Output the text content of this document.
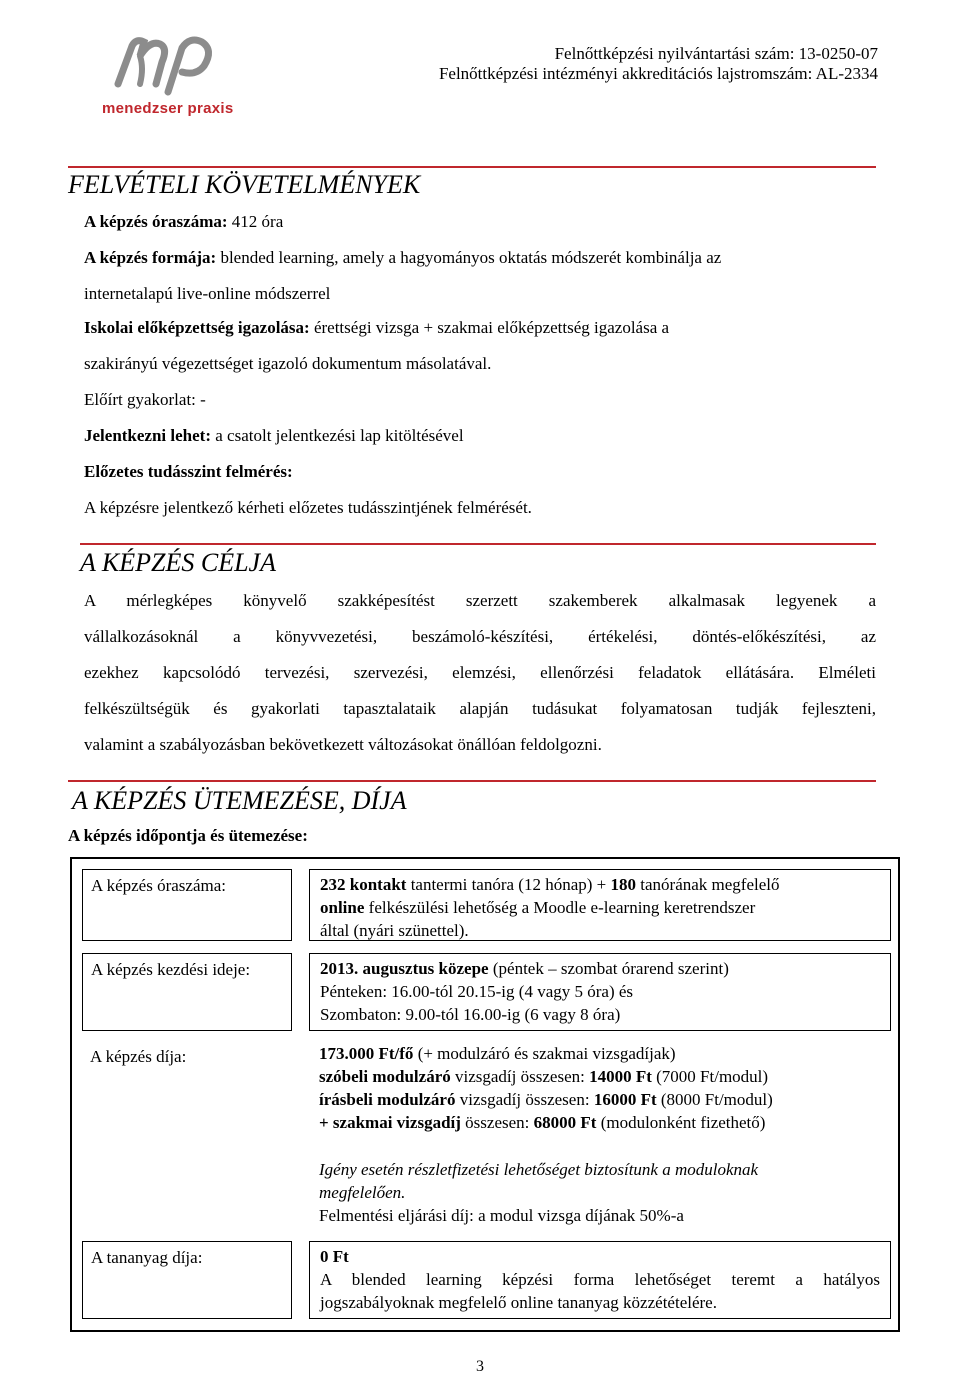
menedzser praxis
Felnőttképzési nyilvántartási szám: 13-0250-07
Felnőttképzési intézményi akkreditációs lajstromszám: AL-2334
FELVÉTELI KÖVETELMÉNYEK
A képzés óraszáma: 412 óra
A képzés formája: blended learning, amely a hagyományos oktatás módszerét kombinálja az
internetalapú live-online módszerrel
Iskolai előképzettség igazolása: érettségi vizsga + szakmai előképzettség igazolása a
szakirányú végezettséget igazoló dokumentum másolatával.
Előírt gyakorlat: -
Jelentkezni lehet: a csatolt jelentkezési lap kitöltésével
Előzetes tudásszint felmérés:
A képzésre jelentkező kérheti előzetes tudásszintjének felmérését.
A KÉPZÉS CÉLJA
A mérlegképes könyvelő szakképesítést szerzett szakemberek alkalmasak legyenek a
vállalkozásoknál a könyvvezetési, beszámoló-készítési, értékelési, döntés-előkészítési, az
ezekhez kapcsolódó tervezési, szervezési, elemzési, ellenőrzési feladatok ellátására. Elméleti
felkészültségük és gyakorlati tapasztalataik alapján tudásukat folyamatosan tudják fejleszteni,
valamint a szabályozásban bekövetkezett változásokat önállóan feldolgozni.
A KÉPZÉS ÜTEMEZÉSE, DÍJA
A képzés időpontja és ütemezése:
A képzés óraszáma:	232 kontakt tantermi tanóra (12 hónap) + 180 tanórának megfelelő
online felkészülési lehetőség a Moodle e-learning keretrendszer
által (nyári szünettel).
A képzés kezdési ideje:	2013. augusztus közepe (péntek – szombat órarend szerint)
Pénteken: 16.00-tól 20.15-ig (4 vagy 5 óra) és
Szombaton: 9.00-tól 16.00-ig (6 vagy 8 óra)
A képzés díja:	173.000 Ft/fő (+ modulzáró és szakmai vizsgadíjak)
szóbeli modulzáró vizsgadíj összesen: 14000 Ft (7000 Ft/modul)
írásbeli modulzáró vizsgadíj összesen: 16000 Ft (8000 Ft/modul)
+ szakmai vizsgadíj összesen: 68000 Ft (modulonként fizethető)
Igény esetén részletfizetési lehetőséget biztosítunk a moduloknak
megfelelően.
Felmentési eljárási díj: a modul vizsga díjának 50%-a
A tananyag díja:	0 Ft
A blended learning képzési forma lehetőséget teremt a hatályos
jogszabályoknak megfelelő online tananyag közzétételére.
3
